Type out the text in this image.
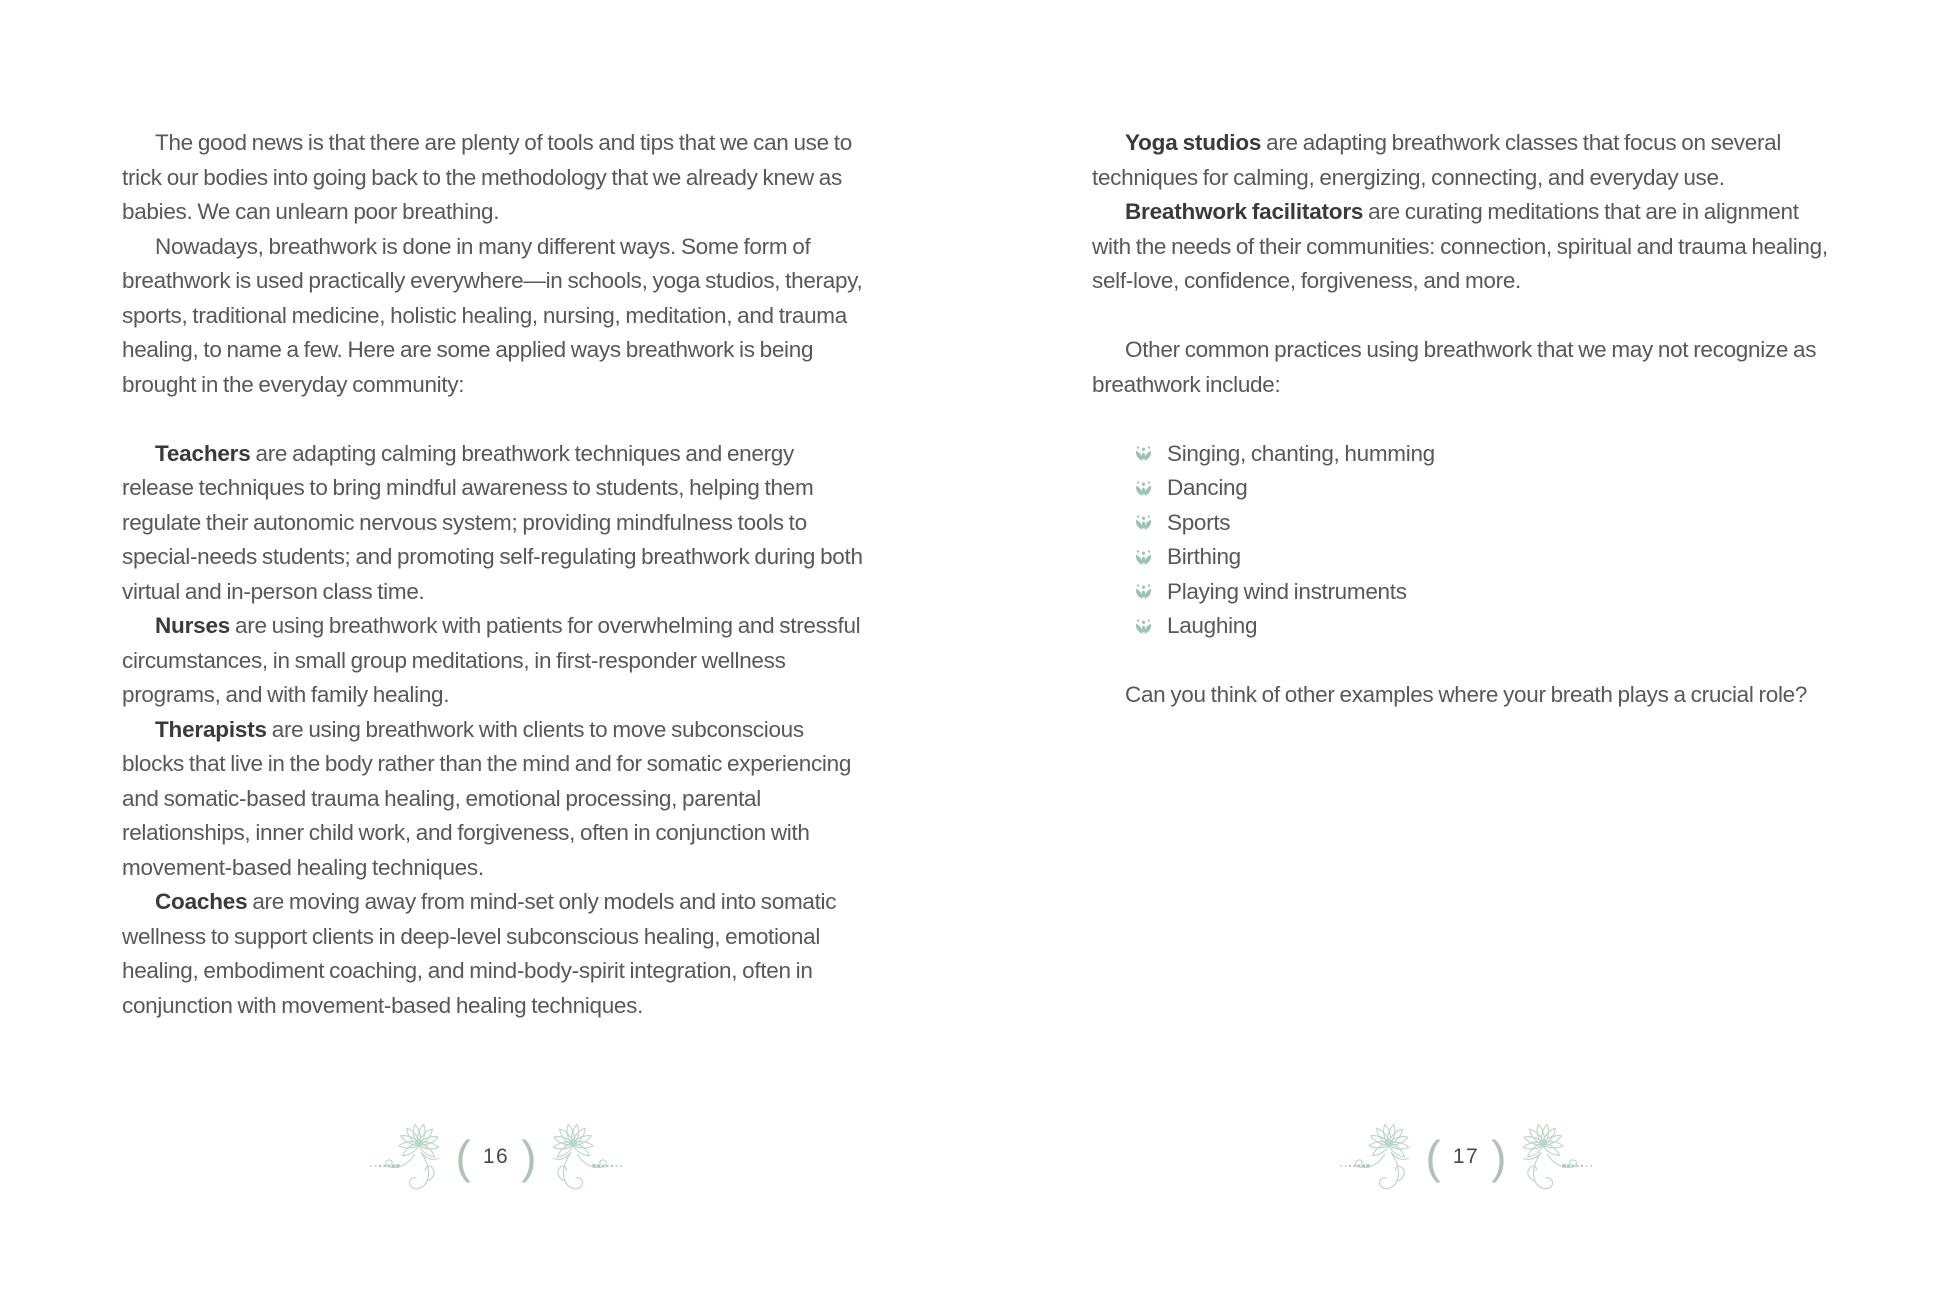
The good news is that there are plenty of tools and tips that we can use to trick our bodies into going back to the methodology that we already knew as babies. We can unlearn poor breathing.

Nowadays, breathwork is done in many different ways. Some form of breathwork is used practically everywhere—in schools, yoga studios, therapy, sports, traditional medicine, holistic healing, nursing, meditation, and trauma healing, to name a few. Here are some applied ways breathwork is being brought in the everyday community:

Teachers are adapting calming breathwork techniques and energy release techniques to bring mindful awareness to students, helping them regulate their autonomic nervous system; providing mindfulness tools to special-needs students; and promoting self-regulating breathwork during both virtual and in-person class time.

Nurses are using breathwork with patients for overwhelming and stressful circumstances, in small group meditations, in first-responder wellness programs, and with family healing.

Therapists are using breathwork with clients to move subconscious blocks that live in the body rather than the mind and for somatic experiencing and somatic-based trauma healing, emotional processing, parental relationships, inner child work, and forgiveness, often in conjunction with movement-based healing techniques.

Coaches are moving away from mind-set only models and into somatic wellness to support clients in deep-level subconscious healing, emotional healing, embodiment coaching, and mind-body-spirit integration, often in conjunction with movement-based healing techniques.

Yoga studios are adapting breathwork classes that focus on several techniques for calming, energizing, connecting, and everyday use.

Breathwork facilitators are curating meditations that are in alignment with the needs of their communities: connection, spiritual and trauma healing, self-love, confidence, forgiveness, and more.

Other common practices using breathwork that we may not recognize as breathwork include:

Singing, chanting, humming
Dancing
Sports
Birthing
Playing wind instruments
Laughing

Can you think of other examples where your breath plays a crucial role?

( 16 )	( 17 )
